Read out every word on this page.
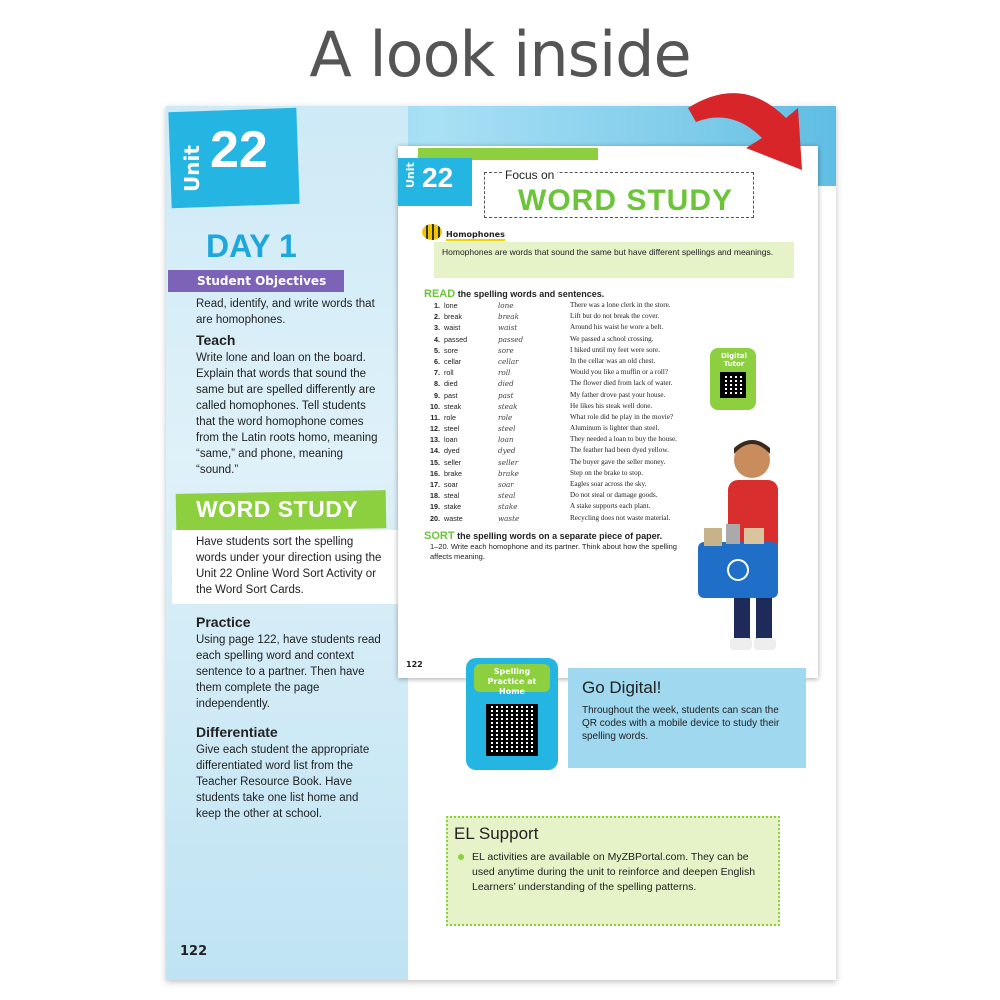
A look inside
Unit 22
DAY 1
Student Objectives
Read, identify, and write words that are homophones.
Teach
Write lone and loan on the board. Explain that words that sound the same but are spelled differently are called homophones. Tell students that the word homophone comes from the Latin roots homo, meaning “same,” and phone, meaning “sound.”
WORD STUDY
Have students sort the spelling words under your direction using the Unit 22 Online Word Sort Activity or the Word Sort Cards.
Practice
Using page 122, have students read each spelling word and context sentence to a partner. Then have them complete the page independently.
Differentiate
Give each student the appropriate differentiated word list from the Teacher Resource Book. Have students take one list home and keep the other at school.
122
Unit 22	Focus on
WORD STUDY
Homophones
Homophones are words that sound the same but have different spellings and meanings.
READ the spelling words and sentences.
1. lone	lone	There was a lone clerk in the store.
2. break	break	Lift but do not break the cover.
3. waist	waist	Around his waist he wore a belt.
4. passed	passed	We passed a school crossing.
5. sore	sore	I hiked until my feet were sore.
6. cellar	cellar	In the cellar was an old chest.
7. roll	roll	Would you like a muffin or a roll?
8. died	died	The flower died from lack of water.
9. past	past	My father drove past your house.
10. steak	steak	He likes his steak well done.
11. role	role	What role did he play in the movie?
12. steel	steel	Aluminum is lighter than steel.
13. loan	loan	They needed a loan to buy the house.
14. dyed	dyed	The feather had been dyed yellow.
15. seller	seller	The buyer gave the seller money.
16. brake	brake	Step on the brake to stop.
17. soar	soar	Eagles soar across the sky.
18. steal	steal	Do not steal or damage goods.
19. stake	stake	A stake supports each plant.
20. waste	waste	Recycling does not waste material.
SORT the spelling words on a separate piece of paper.
1–20. Write each homophone and its partner. Think about how the spelling affects meaning.
Digital Tutor
122
Spelling Practice at Home	Go Digital!
Throughout the week, students can scan the QR codes with a mobile device to study their spelling words.
EL Support
EL activities are available on MyZBPortal.com. They can be used anytime during the unit to reinforce and deepen English Learners’ understanding of the spelling patterns.
